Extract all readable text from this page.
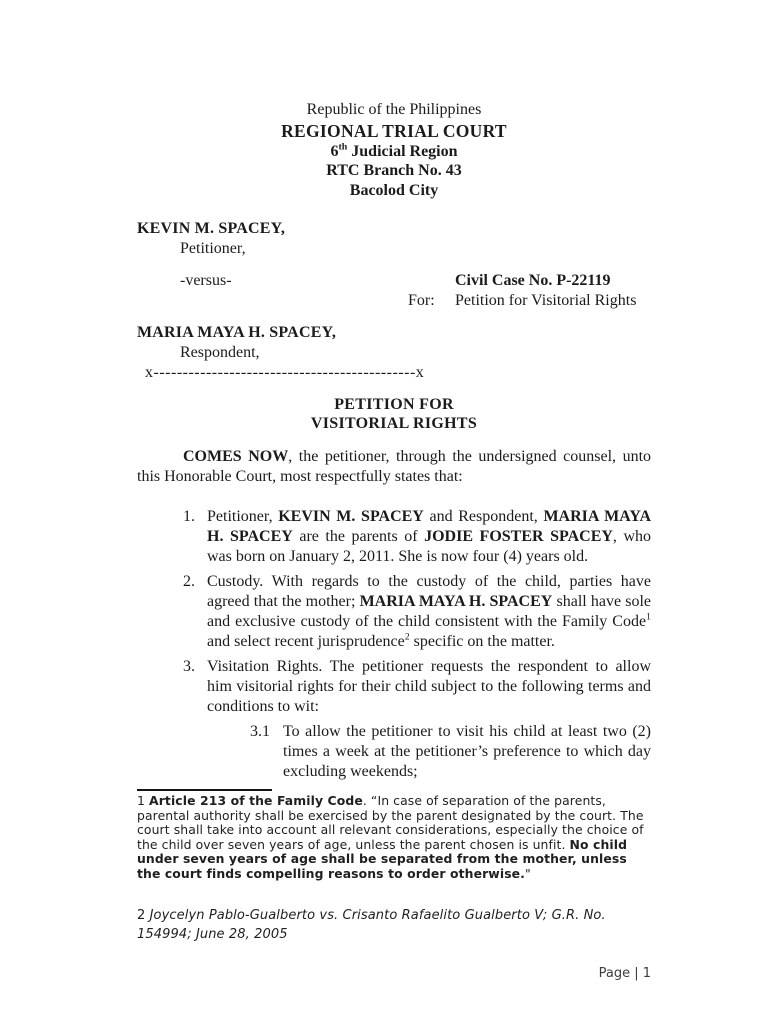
Republic of the Philippines
REGIONAL TRIAL COURT
6th Judicial Region
RTC Branch No. 43
Bacolod City
KEVIN M. SPACEY,
Petitioner,
-versus-	Civil Case No. P-22119
For:	Petition for Visitorial Rights
MARIA MAYA H. SPACEY,
Respondent,
x---------------------------------------------x
PETITION FOR
VISITORIAL RIGHTS

COMES NOW, the petitioner, through the undersigned counsel, unto this Honorable Court, most respectfully states that:

1. Petitioner, KEVIN M. SPACEY and Respondent, MARIA MAYA H. SPACEY are the parents of JODIE FOSTER SPACEY, who was born on January 2, 2011. She is now four (4) years old.
2. Custody. With regards to the custody of the child, parties have agreed that the mother; MARIA MAYA H. SPACEY shall have sole and exclusive custody of the child consistent with the Family Code$^1$ and select recent jurisprudence$^2$ specific on the matter.
3. Visitation Rights. The petitioner requests the respondent to allow him visitorial rights for their child subject to the following terms and conditions to wit:
3.1 To allow the petitioner to visit his child at least two (2) times a week at the petitioner’s preference to which day excluding weekends;
1 Article 213 of the Family Code. “In case of separation of the parents, parental authority shall be exercised by the parent designated by the court. The court shall take into account all relevant considerations, especially the choice of the child over seven years of age, unless the parent chosen is unfit. No child under seven years of age shall be separated from the mother, unless the court finds compelling reasons to order otherwise."
2 Joycelyn Pablo-Gualberto vs. Crisanto Rafaelito Gualberto V; G.R. No. 154994; June 28, 2005
Page | 1
